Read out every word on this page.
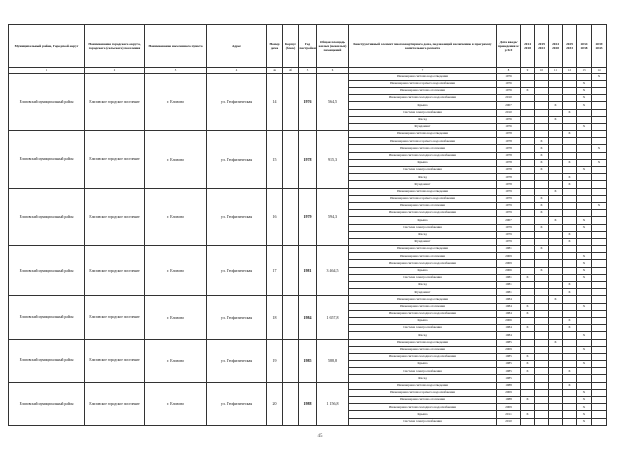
Муниципальный район, Городской округ	Наименование городского округа, городского (сельского) поселения	Наименование населенного пункта	Адрес	Номер дома	Корпус (блок)	Год постройки	Общая площадь жилых (нежилых) помещений	Конструктивный элемент многоквартирного дома, подлежащий включению в программу капитального ремонта	Дата ввода/ проведения к/р КЭ	2014 2018	2019 2023	2024 2028	2029 2033	2034 2038	2039 2043
1	2	3	4	4a	4б	5	6	7	8	9	10	11	12	13	14
Елизовский муниципальный район	Елизовское городское поселение	г. Елизово	ул. Геофизическая	14		1976	564,5	Инженерная система водоотведения	1976						X
								Инженерная система горячего водоснабжения	1976					X	
								Инженерная система отопления	1976	X				X	
								Инженерная система холодного водоснабжения	2010					X	
								Крыша	2007			X		X	
								Система электроснабжения	2010				X		
								Фасад	1976			X			
								Фундамент	1976					X	
Елизовский муниципальный район	Елизовское городское поселение	г. Елизово	ул. Геофизическая	15		1978	915,3	Инженерная система водоотведения	1978				X		
								Инженерная система горячего водоснабжения	1978		X				
								Инженерная система отопления	1978		X				X
								Инженерная система холодного водоснабжения	1978		X				
								Крыша	1978		X		X		X
								Система электроснабжения	1978		X			X	
								Фасад	1978				X		
								Фундамент	1978				X		
Елизовский муниципальный район	Елизовское городское поселение	г. Елизово	ул. Геофизическая	16		1979	594,3	Инженерная система водоотведения	1979			X			
								Инженерная система горячего водоснабжения	1979		X				
								Инженерная система отопления	1979		X				X
								Инженерная система холодного водоснабжения	1979		X				
								Крыша	2007			X		X	
								Система электроснабжения	1979		X			X	
								Фасад	1979				X		
								Фундамент	1979				X		
Елизовский муниципальный район	Елизовское городское поселение	г. Елизово	ул. Геофизическая	17		1981	3 464,5	Инженерная система водоотведения	1981		X				
								Инженерная система отопления	2009					X	
								Инженерная система холодного водоснабжения	2009					X	
								Крыша	2006		X			X	
								Система электроснабжения	1981	X				X	
								Фасад	1981				X		
								Фундамент	1981				X		
Елизовский муниципальный район	Елизовское городское поселение	г. Елизово	ул. Геофизическая	18		1984	1 657,8	Инженерная система водоотведения	1984			X			
								Инженерная система отопления	1984	X				X	
								Инженерная система холодного водоснабжения	1984	X					
								Крыша	2006				X		
								Система электроснабжения	1984	X			X		
								Фасад	1984					X	
Елизовский муниципальный район	Елизовское городское поселение	г. Елизово	ул. Геофизическая	19		1985	588,8	Инженерная система водоотведения	1985			X			
								Инженерная система отопления	2009					X	
								Инженерная система холодного водоснабжения	1985	X					
								Крыша	1985	X				X	
								Система электроснабжения	1985	X			X		
								Фасад	1985						
Елизовский муниципальный район	Елизовское городское поселение	г. Елизово	ул. Геофизическая	20		1988	1 156,8	Инженерная система водоотведения	1988				X		
								Инженерная система горячего водоснабжения	2009					X	
								Инженерная система отопления	1988	X				X	
								Инженерная система холодного водоснабжения	2009					X	
								Крыша	2011	X				X	
								Система электроснабжения	2010					X	
45
